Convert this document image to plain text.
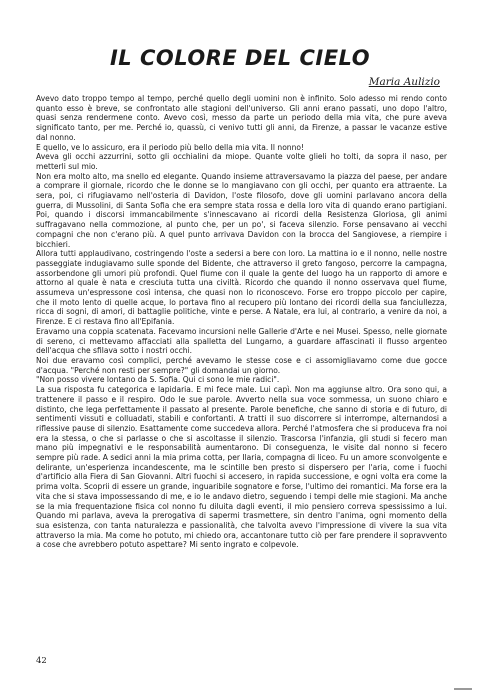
IL COLORE DEL CIELO

Maria Aulizio

Avevo dato troppo tempo al tempo, perché quello degli uomini non è infinito. Solo adesso mi rendo conto quanto esso è breve, se confrontato alle stagioni dell'universo. Gli anni erano passati, uno dopo l'altro, quasi senza rendermene conto. Avevo così, messo da parte un periodo della mia vita, che pure aveva significato tanto, per me. Perché io, quassù, ci venivo tutti gli anni, da Firenze, a passar le vacanze estive dal nonno.

E quello, ve lo assicuro, era il periodo più bello della mia vita. Il nonno!

Aveva gli occhi azzurrini, sotto gli occhialini da miope. Quante volte glieli ho tolti, da sopra il naso, per metterli sul mio.

Non era molto alto, ma snello ed elegante. Quando insieme attraversavamo la piazza del paese, per andare a comprare il giornale, ricordo che le donne se lo mangiavano con gli occhi, per quanto era attraente. La sera, poi, ci rifugiavamo nell'osteria di Davidon, l'oste filosofo, dove gli uomini parlavano ancora della guerra, di Mussolini, di Santa Sofia che era sempre stata rossa e della loro vita di quando erano partigiani. Poi, quando i discorsi immancabilmente s'innescavano ai ricordi della Resistenza Gloriosa, gli animi suffragavano nella commozione, al punto che, per un po', si faceva silenzio. Forse pensavano ai vecchi compagni che non c'erano più. A quel punto arrivava Davidon con la brocca del Sangiovese, a riempire i bicchieri.

Allora tutti applaudivano, costringendo l'oste a sedersi a bere con loro. La mattina io e il nonno, nelle nostre passeggiate indugiavamo sulle sponde del Bidente, che attraverso il greto fangoso, percorre la campagna, assorbendone gli umori più profondi. Quel fiume con il quale la gente del luogo ha un rapporto di amore e attorno al quale è nata e cresciuta tutta una civiltà. Ricordo che quando il nonno osservava quel fiume, assumeva un'espressone così intensa, che quasi non lo riconoscevo. Forse ero troppo piccolo per capire, che il moto lento di quelle acque, lo portava fino al recupero più lontano dei ricordi della sua fanciullezza, ricca di sogni, di amori, di battaglie politiche, vinte e perse. A Natale, era lui, al contrario, a venire da noi, a Firenze. E ci restava fino all'Epifania.

Eravamo una coppia scatenata. Facevamo incursioni nelle Gallerie d'Arte e nei Musei. Spesso, nelle giornate di sereno, ci mettevamo affacciati alla spalletta del Lungarno, a guardare affascinati il flusso argenteo dell'acqua che sfilava sotto i nostri occhi.

Noi due eravamo così complici, perché avevamo le stesse cose e ci assomigliavamo come due gocce d'acqua. "Perché non resti per sempre?" gli domandai un giorno.

"Non posso vivere lontano da S. Sofia. Qui ci sono le mie radici".

La sua risposta fu categorica e lapidaria. E mi fece male. Lui capì. Non ma aggiunse altro. Ora sono qui, a trattenere il passo e il respiro. Odo le sue parole. Avverto nella sua voce sommessa, un suono chiaro e distinto, che lega perfettamente il passato al presente. Parole benefiche, che sanno di storia e di futuro, di sentimenti vissuti e colluadati, stabili e confortanti. A tratti il suo discorrere si interrompe, alternandosi a riflessive pause di silenzio. Esattamente come succedeva allora. Perché l'atmosfera che si produceva fra noi era la stessa, o che si parlasse o che si ascoltasse il silenzio. Trascorsa l'infanzia, gli studi si fecero man mano più impegnativi e le responsabilità aumentarono. Di conseguenza, le visite dal nonno si fecero sempre più rade. A sedici anni la mia prima cotta, per Ilaria, compagna di liceo. Fu un amore sconvolgente e delirante, un'esperienza incandescente, ma le scintille ben presto si dispersero per l'aria, come i fuochi d'artificio alla Fiera di San Giovanni. Altri fuochi si accesero, in rapida successione, e ogni volta era come la prima volta. Scoprii di essere un grande, inguaribile sognatore e forse, l'ultimo dei romantici. Ma forse era la vita che si stava impossessando di me, e io le andavo dietro, seguendo i tempi delle mie stagioni. Ma anche se la mia frequentazione fisica col nonno fu diluita dagli eventi, il mio pensiero correva spessissimo a lui. Quando mi parlava, aveva la prerogativa di sapermi trasmettere, sin dentro l'anima, ogni momento della sua esistenza, con tanta naturalezza e passionalità, che talvolta avevo l'impressione di vivere la sua vita attraverso la mia. Ma come ho potuto, mi chiedo ora, accantonare tutto ciò per fare prendere il sopravvento a cose che avrebbero potuto aspettare? Mi sento ingrato e colpevole.

42
